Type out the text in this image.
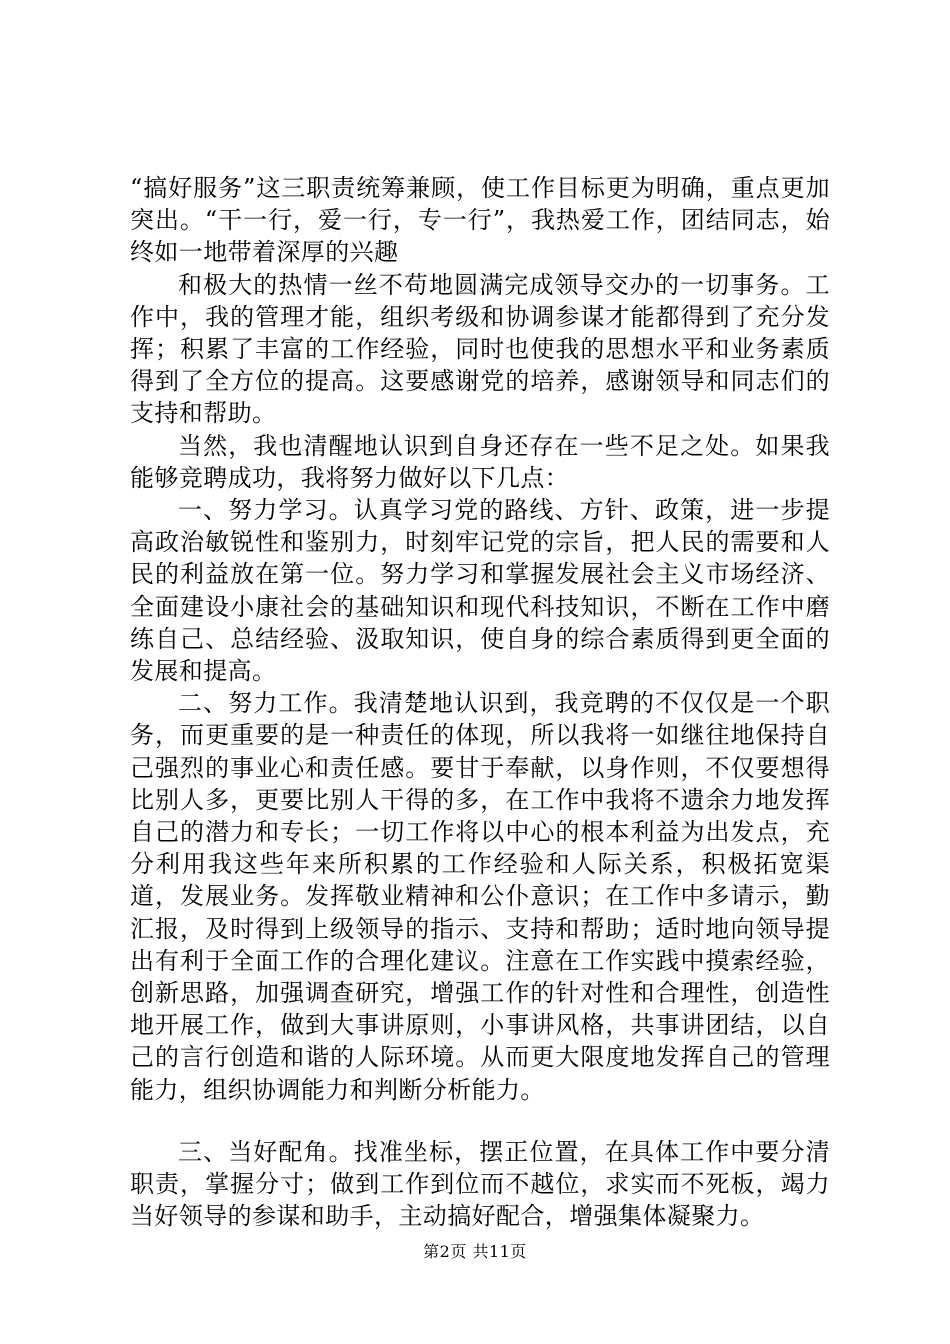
“搞好服务”这三职责统筹兼顾，使工作目标更为明确，重点更加突出。“干一行，爱一行，专一行”，我热爱工作，团结同志，始终如一地带着深厚的兴趣

和极大的热情一丝不苟地圆满完成领导交办的一切事务。工作中，我的管理才能，组织考级和协调参谋才能都得到了充分发挥；积累了丰富的工作经验，同时也使我的思想水平和业务素质得到了全方位的提高。这要感谢党的培养，感谢领导和同志们的支持和帮助。

当然，我也清醒地认识到自身还存在一些不足之处。如果我能够竞聘成功，我将努力做好以下几点：

一、努力学习。认真学习党的路线、方针、政策，进一步提高政治敏锐性和鉴别力，时刻牢记党的宗旨，把人民的需要和人民的利益放在第一位。努力学习和掌握发展社会主义市场经济、全面建设小康社会的基础知识和现代科技知识，不断在工作中磨练自己、总结经验、汲取知识，使自身的综合素质得到更全面的发展和提高。

二、努力工作。我清楚地认识到，我竞聘的不仅仅是一个职务，而更重要的是一种责任的体现，所以我将一如继往地保持自己强烈的事业心和责任感。要甘于奉献，以身作则，不仅要想得比别人多，更要比别人干得的多，在工作中我将不遗余力地发挥自己的潜力和专长；一切工作将以中心的根本利益为出发点，充分利用我这些年来所积累的工作经验和人际关系，积极拓宽渠道，发展业务。发挥敬业精神和公仆意识；在工作中多请示，勤汇报，及时得到上级领导的指示、支持和帮助；适时地向领导提出有利于全面工作的合理化建议。注意在工作实践中摸索经验，创新思路，加强调查研究，增强工作的针对性和合理性，创造性地开展工作，做到大事讲原则，小事讲风格，共事讲团结，以自己的言行创造和谐的人际环境。从而更大限度地发挥自己的管理能力，组织协调能力和判断分析能力。

三、当好配角。找准坐标，摆正位置，在具体工作中要分清职责，掌握分寸；做到工作到位而不越位，求实而不死板，竭力当好领导的参谋和助手，主动搞好配合，增强集体凝聚力。

第2页 共11页
